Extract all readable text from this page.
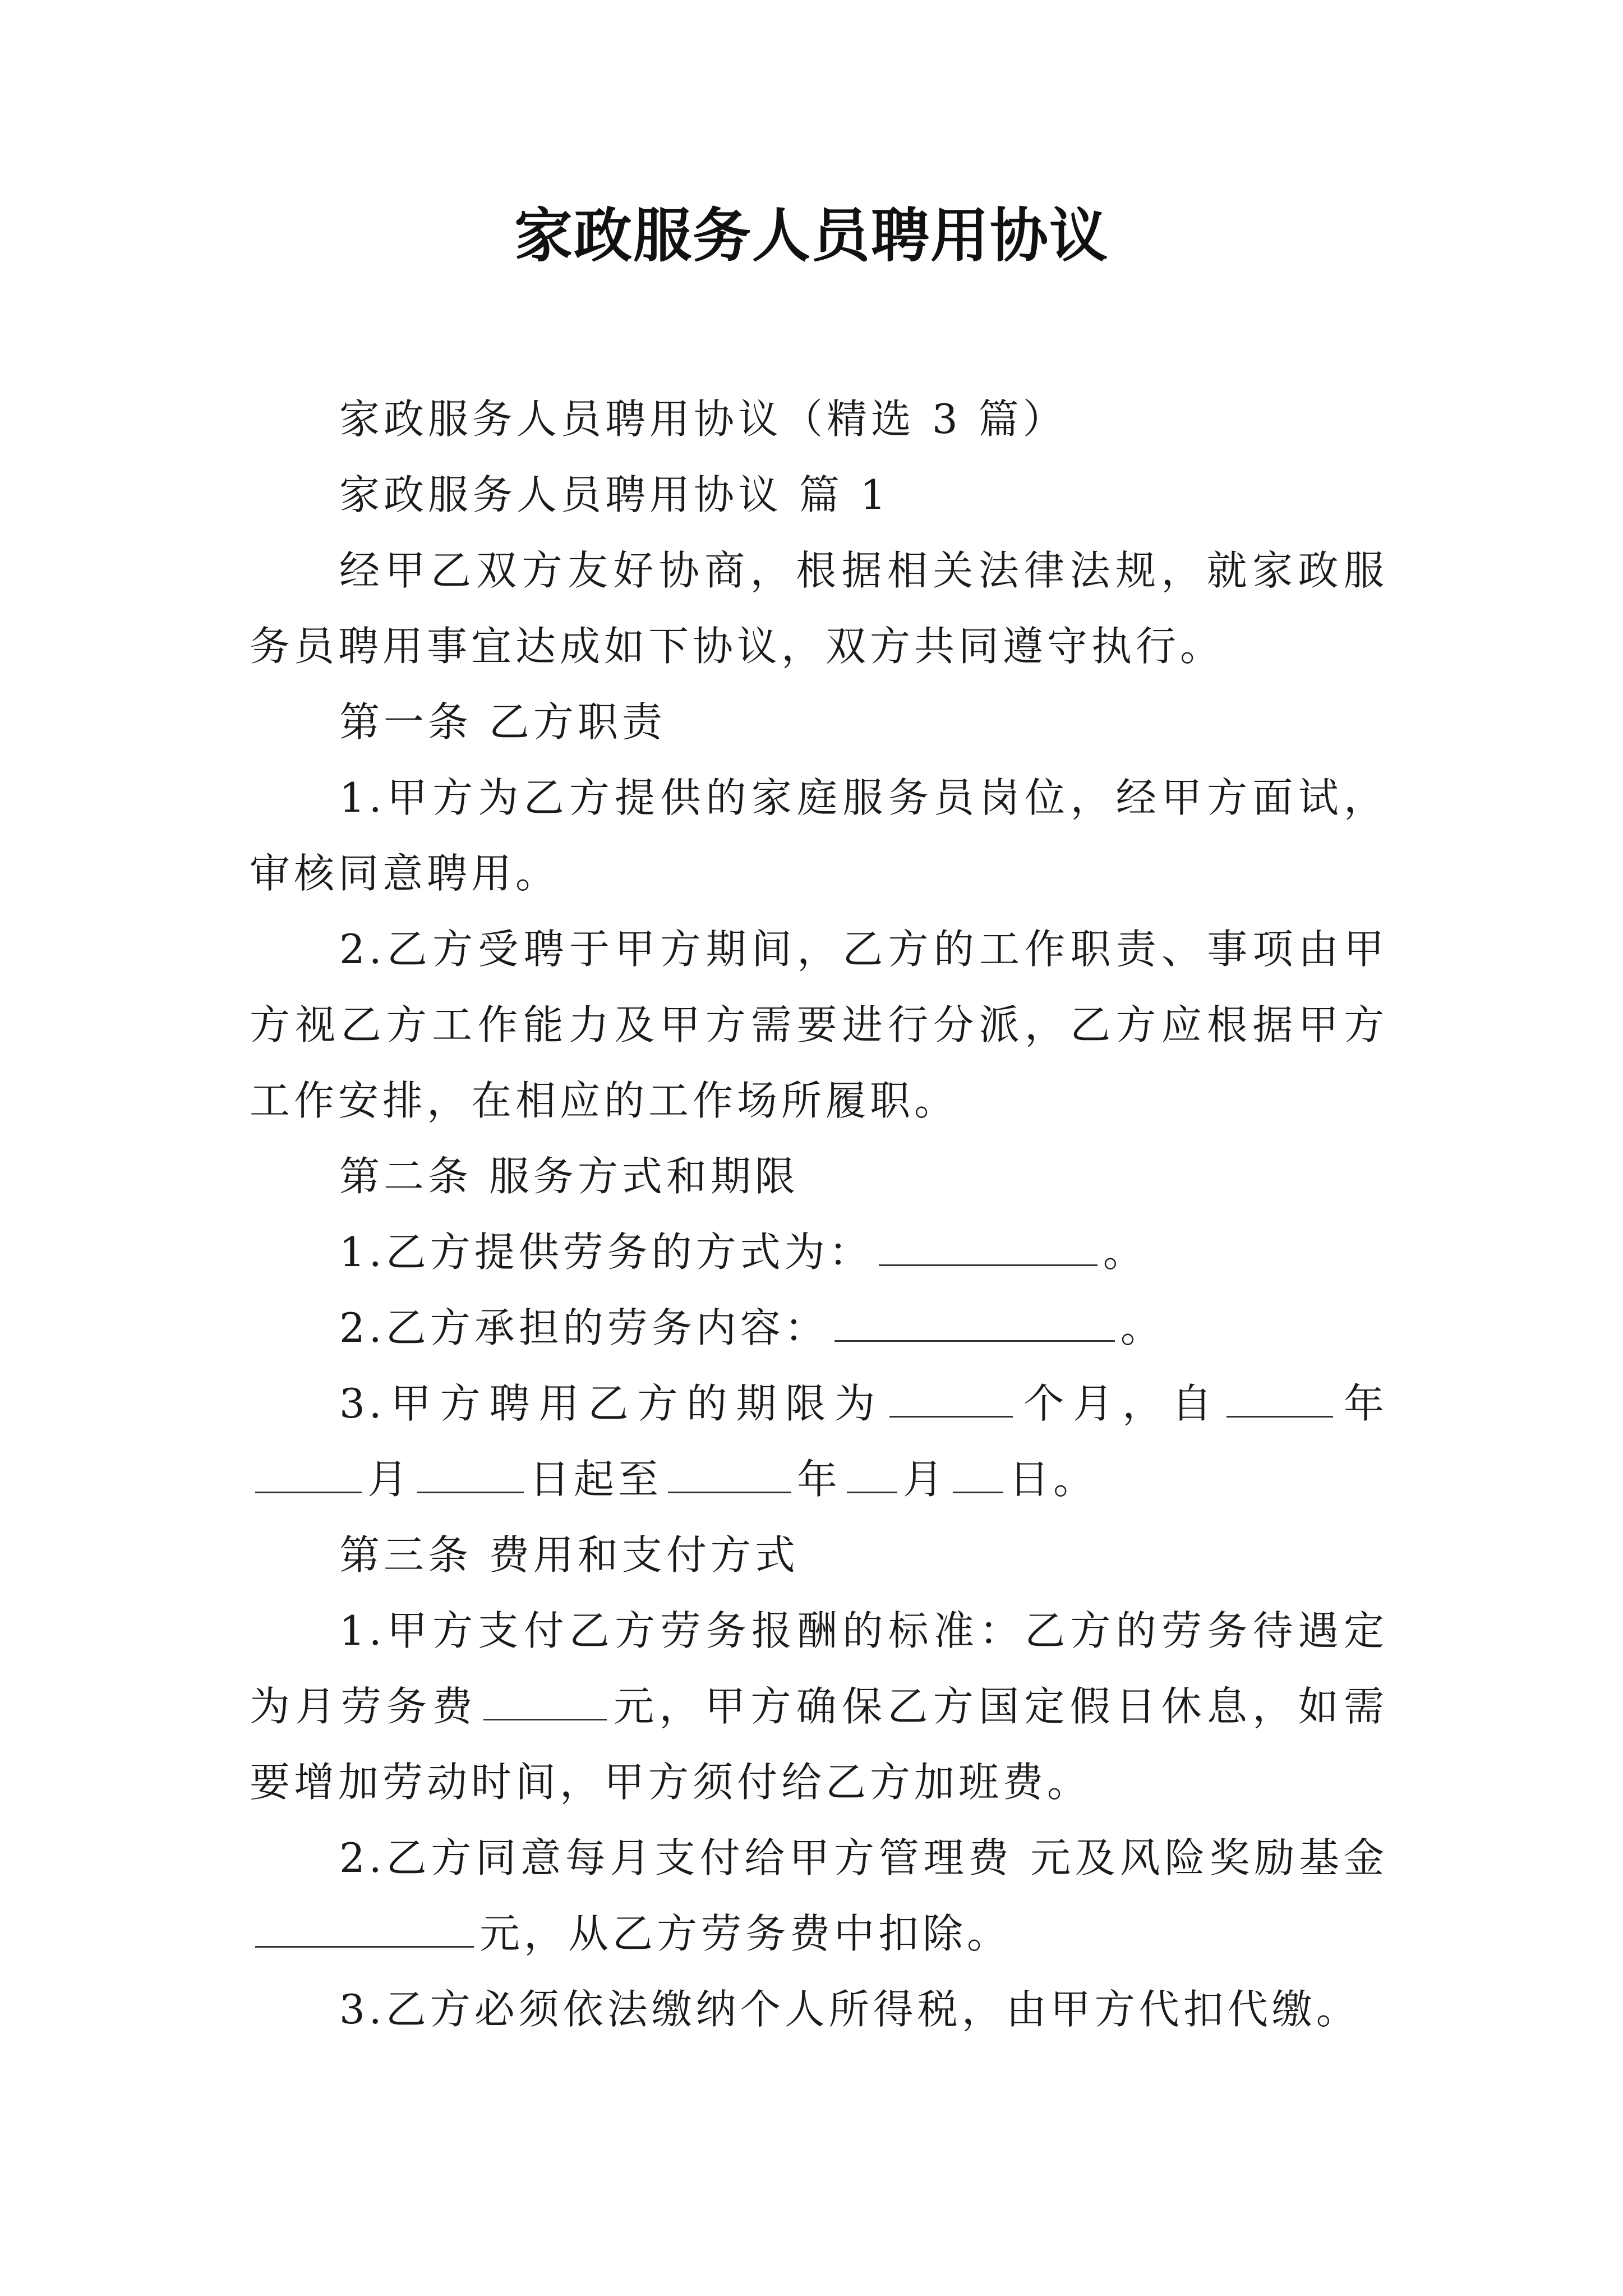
家政服务人员聘用协议

家政服务人员聘用协议（精选 3 篇）

家政服务人员聘用协议 篇 1

经甲乙双方友好协商，根据相关法律法规，就家政服务员聘用事宜达成如下协议，双方共同遵守执行。

第一条 乙方职责

1.甲方为乙方提供的家庭服务员岗位，经甲方面试，审核同意聘用。

2.乙方受聘于甲方期间，乙方的工作职责、事项由甲方视乙方工作能力及甲方需要进行分派，乙方应根据甲方工作安排，在相应的工作场所履职。

第二条 服务方式和期限

1.乙方提供劳务的方式为：	。

2.乙方承担的劳务内容：	。

3.甲方聘用乙方的期限为	个月，自	年月	日起至	年 月 日。

第三条 费用和支付方式

1.甲方支付乙方劳务报酬的标准：乙方的劳务待遇定为月劳务费	元，甲方确保乙方国定假日休息，如需要增加劳动时间，甲方须付给乙方加班费。

2.乙方同意每月支付给甲方管理费 元及风险奖励基金元，从乙方劳务费中扣除。

3.乙方必须依法缴纳个人所得税，由甲方代扣代缴。
